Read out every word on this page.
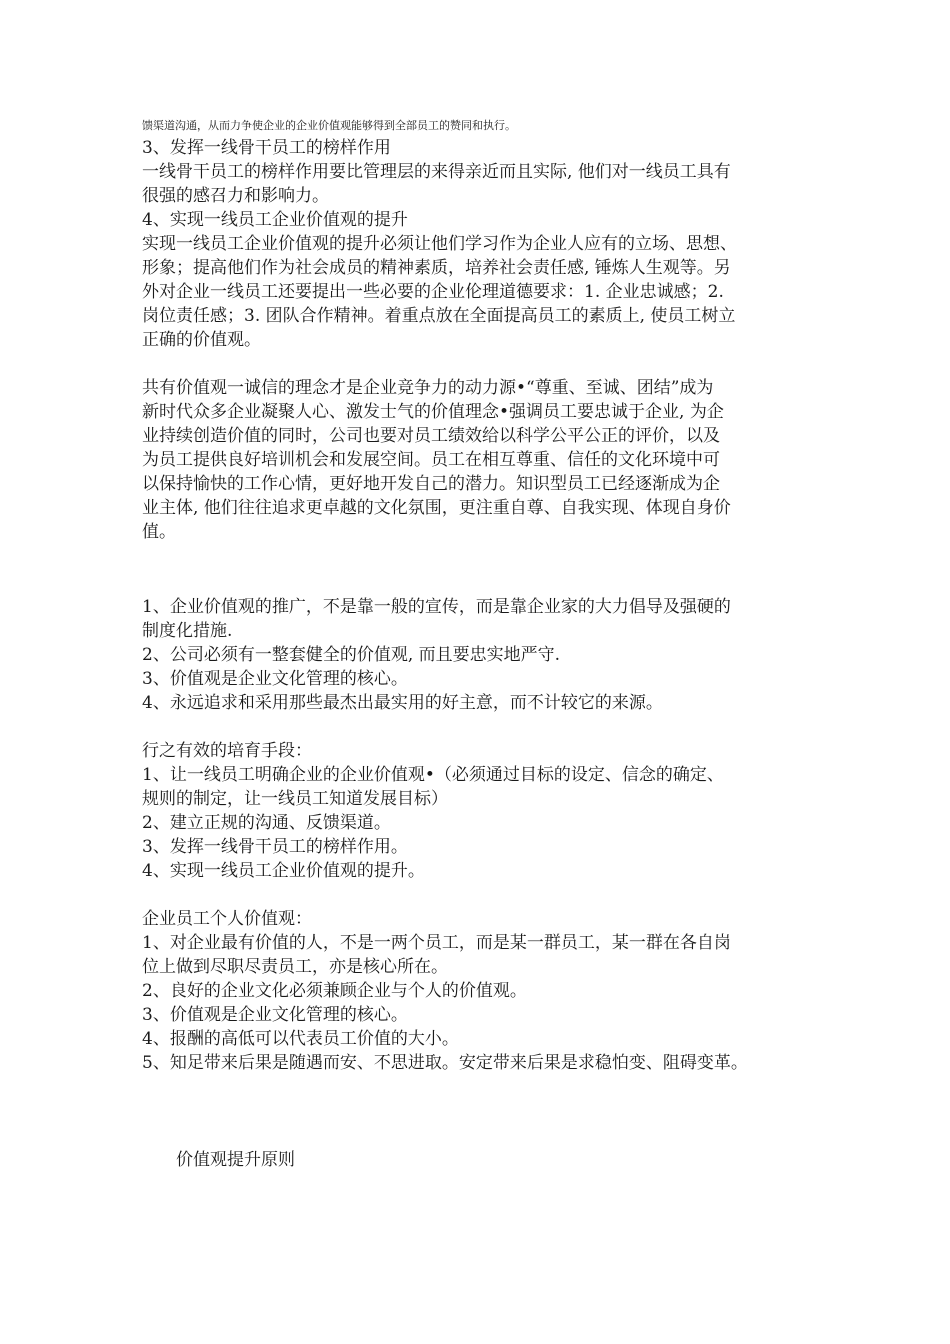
馈渠道沟通，从而力争使企业的企业价值观能够得到全部员工的赞同和执行。
3、发挥一线骨干员工的榜样作用
一线骨干员工的榜样作用要比管理层的来得亲近而且实际, 他们对一线员工具有
很强的感召力和影响力。
4、实现一线员工企业价值观的提升
实现一线员工企业价值观的提升必须让他们学习作为企业人应有的立场、思想、
形象；提高他们作为社会成员的精神素质，培养社会责任感, 锤炼人生观等。另
外对企业一线员工还要提出一些必要的企业伦理道德要求：1. 企业忠诚感；2.
岗位责任感；3. 团队合作精神。着重点放在全面提高员工的素质上, 使员工树立
正确的价值观。
共有价值观一诚信的理念才是企业竞争力的动力源•“尊重、至诚、团结”成为
新时代众多企业凝聚人心、激发士气的价值理念•强调员工要忠诚于企业, 为企
业持续创造价值的同时，公司也要对员工绩效给以科学公平公正的评价，以及
为员工提供良好培训机会和发展空间。员工在相互尊重、信任的文化环境中可
以保持愉快的工作心情，更好地开发自己的潜力。知识型员工已经逐渐成为企
业主体, 他们往往追求更卓越的文化氛围，更注重自尊、自我实现、体现自身价
值。
1、企业价值观的推广，不是靠一般的宣传，而是靠企业家的大力倡导及强硬的
制度化措施.
2、公司必须有一整套健全的价值观, 而且要忠实地严守.
3、价值观是企业文化管理的核心。
4、永远追求和采用那些最杰出最实用的好主意，而不计较它的来源。
行之有效的培育手段：
1、让一线员工明确企业的企业价值观•（必须通过目标的设定、信念的确定、
规则的制定，让一线员工知道发展目标）
2、建立正规的沟通、反馈渠道。
3、发挥一线骨干员工的榜样作用。
4、实现一线员工企业价值观的提升。
企业员工个人价值观：
1、对企业最有价值的人，不是一两个员工，而是某一群员工，某一群在各自岗
位上做到尽职尽责员工，亦是核心所在。
2、良好的企业文化必须兼顾企业与个人的价值观。
3、价值观是企业文化管理的核心。
4、报酬的高低可以代表员工价值的大小。
5、知足带来后果是随遇而安、不思进取。安定带来后果是求稳怕变、阻碍变革。
价值观提升原则
